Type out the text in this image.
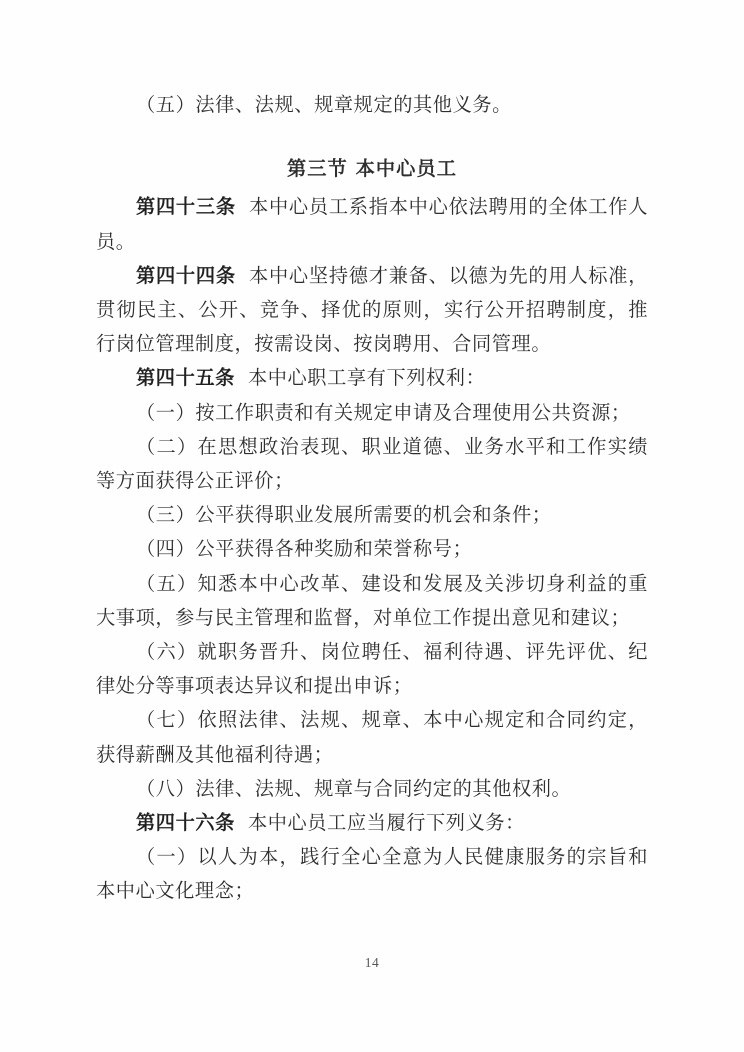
（五）法律、法规、规章规定的其他义务。

第三节 本中心员工

第四十三条 本中心员工系指本中心依法聘用的全体工作人员。

第四十四条 本中心坚持德才兼备、以德为先的用人标准，贯彻民主、公开、竞争、择优的原则，实行公开招聘制度，推行岗位管理制度，按需设岗、按岗聘用、合同管理。

第四十五条 本中心职工享有下列权利：

（一）按工作职责和有关规定申请及合理使用公共资源；

（二）在思想政治表现、职业道德、业务水平和工作实绩等方面获得公正评价；

（三）公平获得职业发展所需要的机会和条件；

（四）公平获得各种奖励和荣誉称号；

（五）知悉本中心改革、建设和发展及关涉切身利益的重大事项，参与民主管理和监督，对单位工作提出意见和建议；

（六）就职务晋升、岗位聘任、福利待遇、评先评优、纪律处分等事项表达异议和提出申诉；

（七）依照法律、法规、规章、本中心规定和合同约定，获得薪酬及其他福利待遇；

（八）法律、法规、规章与合同约定的其他权利。

第四十六条 本中心员工应当履行下列义务：

（一）以人为本，践行全心全意为人民健康服务的宗旨和本中心文化理念；

14
